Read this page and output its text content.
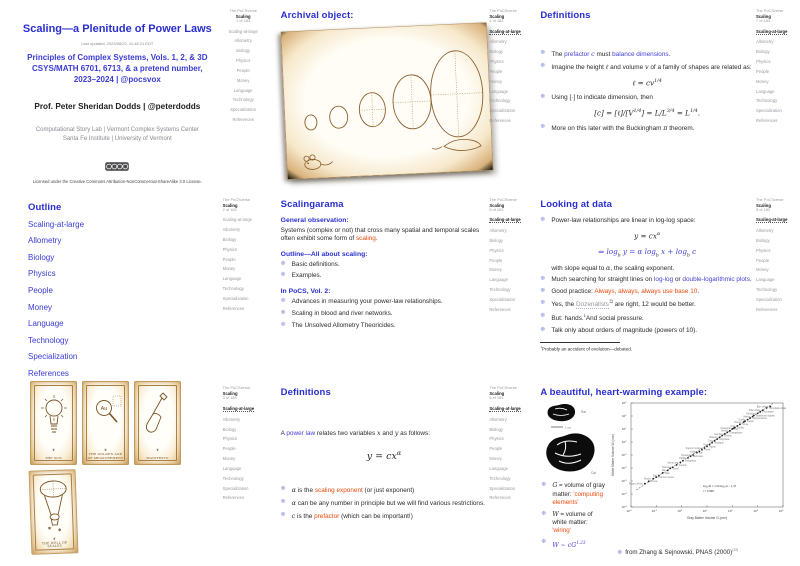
Scaling—a Plenitude of Power Laws
Last updated: 2023/08/22, 11:48:21 EDT
Principles of Complex Systems, Vols. 1, 2, & 3D
CSYS/MATH 6701, 6713, & a pretend number,
2023–2024 | @pocsvox
Prof. Peter Sheridan Dodds | @peterdodds
Computational Story Lab | Vermont Complex Systems Center
Santa Fe Institute | University of Vermont
Licensed under the Creative Commons Attribution-NonCommercial-ShareAlike 3.0 License.
The PoCSverse
Scaling
1 of 183
Scaling-at-large
Allometry
Biology
Physics
People
Money
Language
Technology
Specialization
References
Archival object:	The PoCSverse
Scaling
4 of 183
Scaling-at-large
Allometry
Biology
Physics
People
Money
Language
Technology
Specialization
References
Definitions
❉ The prefactor c must balance dimensions.
❉ Imagine the height ℓ and volume v of a family of shapes are related as:
ℓ = $cv^{1/4}$
❉ Using [·] to indicate dimension, then
$[c] = [\ell]/[V^{1/4}] = L/L^{3/4} = L^{1/4}$.
❉ More on this later with the Buckingham π theorem.
The PoCSverse
Scaling
7 of 183
Scaling-at-large
Allometry
Biology
Physics
People
Money
Language
Technology
Specialization
References
Outline
Scaling-at-large
Allometry
Biology
Physics
People
Money
Language
Technology
Specialization
References
The PoCSverse
Scaling
2 of 183
Scaling-at-large
Allometry
Biology
Physics
People
Money
Language
Technology
Specialization
References
Scalingarama
General observation:
Systems (complex or not) that cross many spatial and temporal scales often exhibit some form of scaling.
Outline—All about scaling:
❉ Basic definitions.
❉ Examples.
In PoCS, Vol. 2:
❉ Advances in measuring your power-law relationships.
❉ Scaling in blood and river networks.
❉ The Unsolved Allometry Theoricides.
The PoCSverse
Scaling
5 of 183
Scaling-at-large
Allometry
Biology
Physics
People
Money
Language
Technology
Specialization
References
Looking at data
❉ Power-law relationships are linear in log-log space:
$y = cx^\alpha$
⇒ $\log_b y = \alpha$ $\log_b x + \log_b c$
with slope equal to α, the scaling exponent.
❉ Much searching for straight lines on log-log or double-logarithmic plots.
❉ Good practice: Always, always, always use base 10.
❉ Yes, the Dozenalists⧉ are right, 12 would be better.
❉ But: hands.$^1$And social pressure.
❉ Talk only about orders of magnitude (powers of 10).
$^1$Probably an accident of evolution—debated.
The PoCSverse
Scaling
8 of 183
Scaling-at-large
Allometry
Biology
Physics
People
Money
Language
Technology
Specialization
References
❦
THE SUN
Au
❦
THE GOLDEN AGE OF MEASUREMENT
❦
MANIFESTO
❦
THE WELL OF SCALES
The PoCSverse
Scaling
3 of 183
Scaling-at-large
Allometry
Biology
Physics
People
Money
Language
Technology
Specialization
References
Definitions
A power law relates two variables x and y as follows:
$y = cx^\alpha$
❉ α is the scaling exponent (or just exponent)
❉ α can be any number in principle but we will find various restrictions.
❉ c is the prefactor (which can be important!)
The PoCSverse
Scaling
6 of 183
Scaling-at-large
Allometry
Biology
Physics
People
Money
Language
Technology
Specialization
References
A beautiful, heart-warming example:
Rat
1 cm
Cat
❉ G = volume of gray matter: 'computing elements'
❉ W = volume of white matter: 'wiring'
❉ W ∼ $cG^{1.23}$
$10^{-2}$	$10^{-1}$	$10^0$	$10^1$	$10^2$	$10^3$	$10^4$
$10^3$
$10^2$
$10^1$
$10^0$
$10^{-1}$
$10^{-2}$
$10^{-3}$
$10^{-4}$
$10^{-5}$
Pygmy shrew
Shrew
Mouse
Harvest mouse
Bat
Mole
Rat
Gerbil
Hamster
Squirrel
Guinea pig
Hedgehog
Rabbit
Marmoset
Opossum
Cat
Galago
Ferret
Squirrel monkey
Agouti
Fox
Macaque
Dog
Capybara
Baboon
Gibbon
Sea lion
Chimpanzee
Sheep
Pig
Orangutan	Gorilla
Cow
Horse
Human	Camel
Giraffe
Hippopotamus
Walrus
Bottlenose dolphin
Elephant
Pilot whale
Killer whale
Humpback whale
Blue whale
log₁₀W = 1.23 log₁₀G − 1.47
r = 0.998
Gray Matter Volume G (cm³)
White Matter Volume W (cm³)
❉ from Zhang & Sejnowski, PNAS (2000)[38]
